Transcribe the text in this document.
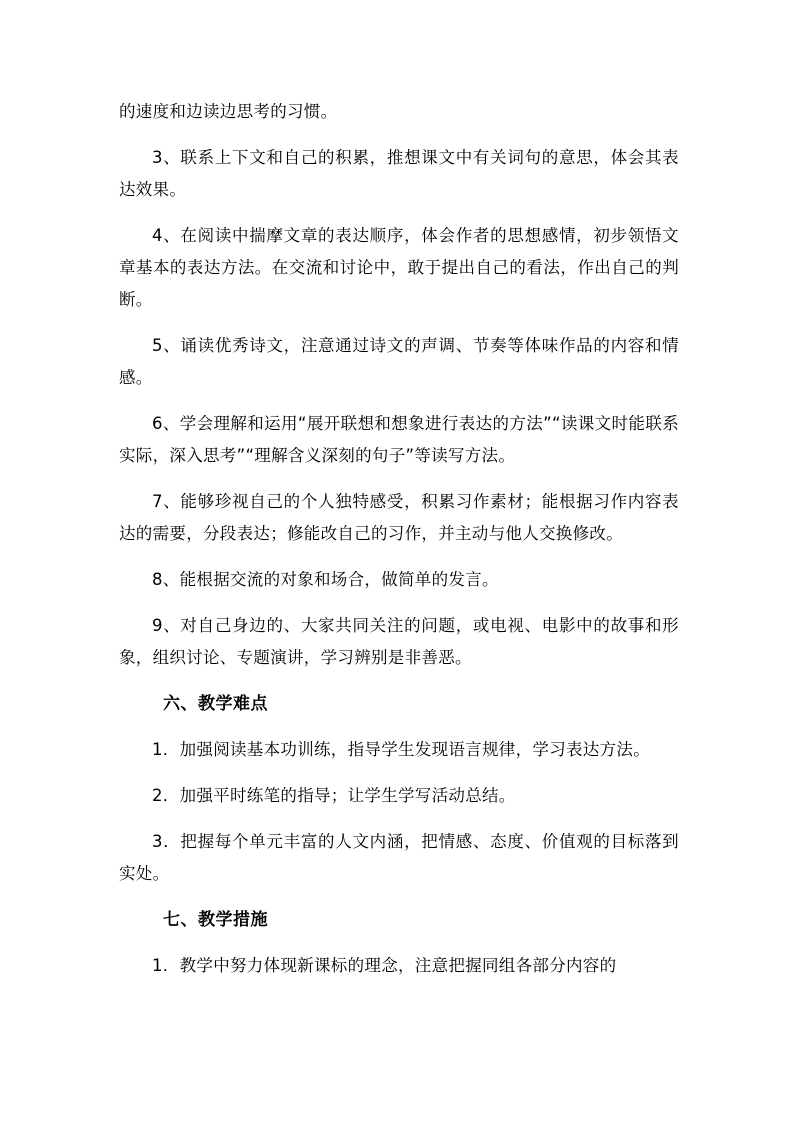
的速度和边读边思考的习惯。

3、联系上下文和自己的积累，推想课文中有关词句的意思，体会其表达效果。

4、在阅读中揣摩文章的表达顺序，体会作者的思想感情，初步领悟文章基本的表达方法。在交流和讨论中，敢于提出自己的看法，作出自己的判断。

5、诵读优秀诗文，注意通过诗文的声调、节奏等体味作品的内容和情感。

6、学会理解和运用“展开联想和想象进行表达的方法”“读课文时能联系实际，深入思考”“理解含义深刻的句子”等读写方法。

7、能够珍视自己的个人独特感受，积累习作素材；能根据习作内容表达的需要，分段表达；修能改自己的习作，并主动与他人交换修改。

8、能根据交流的对象和场合，做简单的发言。

9、对自己身边的、大家共同关注的问题，或电视、电影中的故事和形象，组织讨论、专题演讲，学习辨别是非善恶。

六、教学难点

1．加强阅读基本功训练，指导学生发现语言规律，学习表达方法。

2．加强平时练笔的指导；让学生学写活动总结。

3．把握每个单元丰富的人文内涵，把情感、态度、价值观的目标落到实处。

七、教学措施

1．教学中努力体现新课标的理念，注意把握同组各部分内容的
